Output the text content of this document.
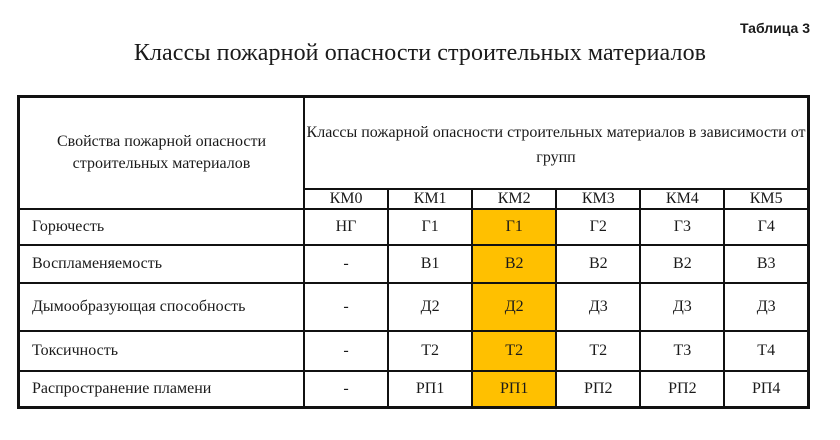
Таблица 3
Классы пожарной опасности строительных материалов
Свойства пожарной опасности строительных материалов	Классы пожарной опасности строительных материалов в зависимости от групп					
	КМ0	КМ1	КМ2	КМ3	КМ4	КМ5
Горючесть	НГ	Г1	Г1	Г2	Г3	Г4
Воспламеняемость	-	В1	В2	В2	В2	В3
Дымообразующая способность	-	Д2	Д2	Д3	Д3	Д3
Токсичность	-	Т2	Т2	Т2	Т3	Т4
Распространение пламени	-	РП1	РП1	РП2	РП2	РП4
